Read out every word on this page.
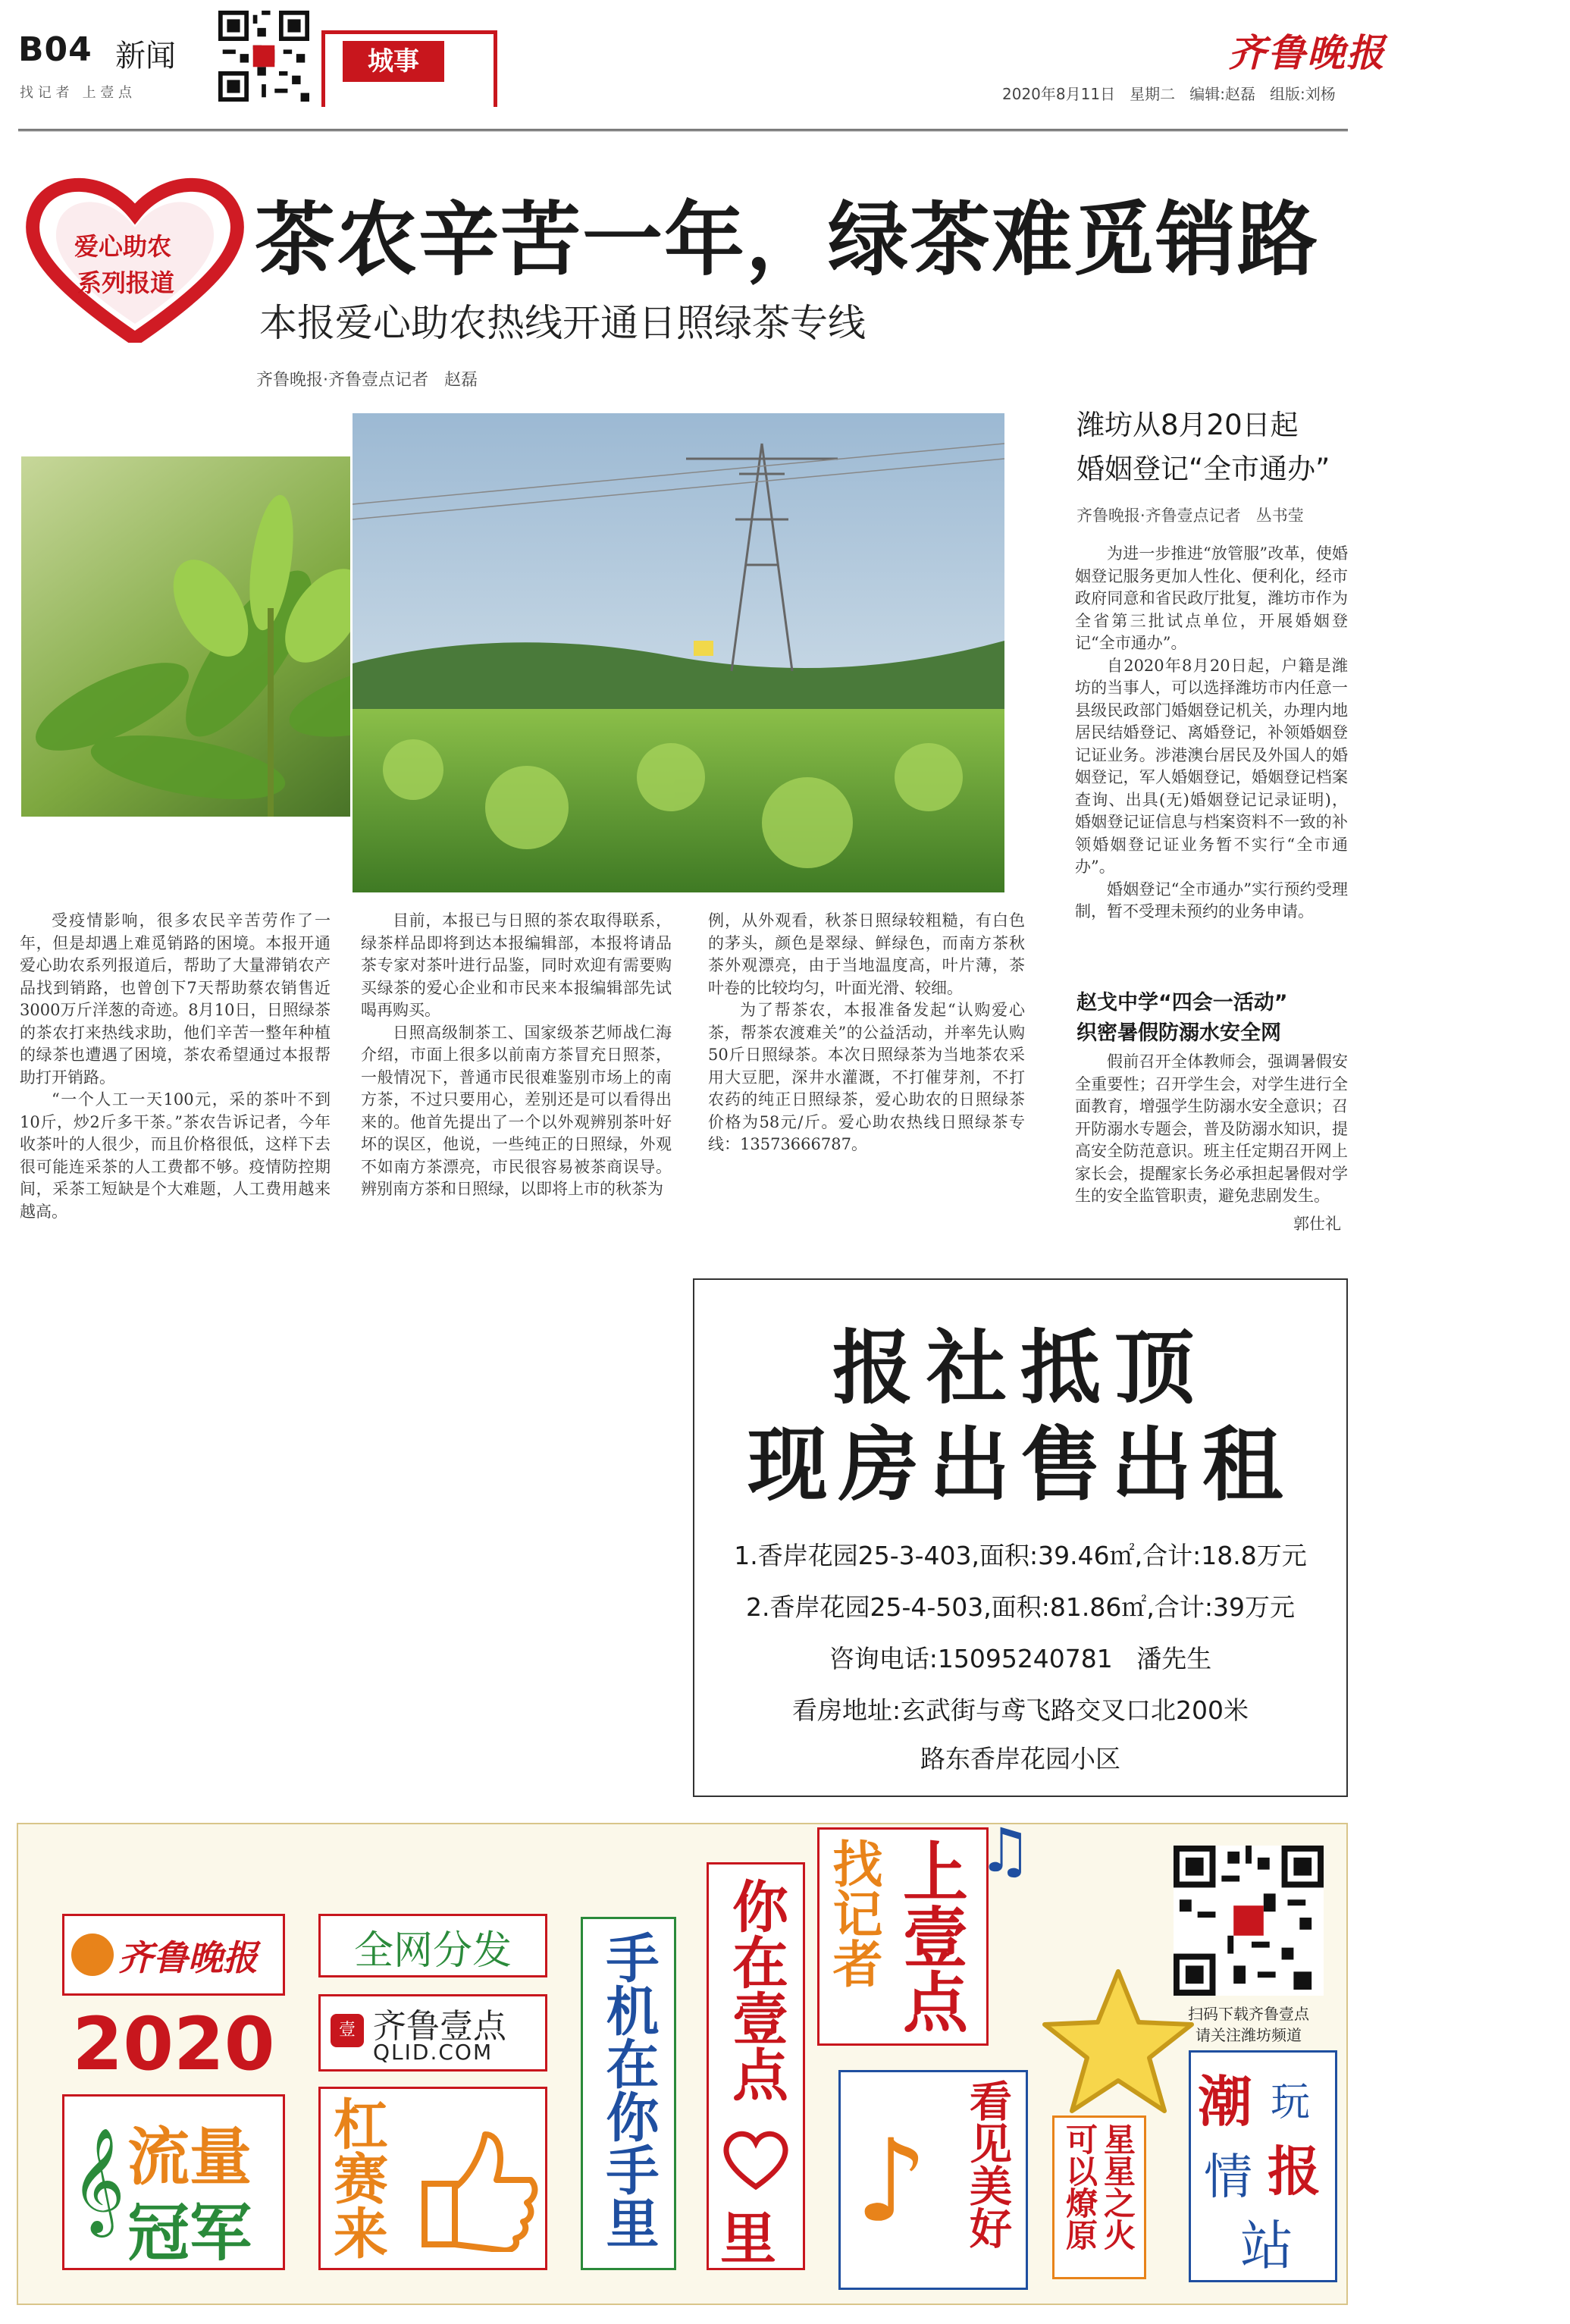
B04 新闻
找 记 者   上 壹 点
城事	齐鲁晚报
2020年8月11日   星期二   编辑:赵磊   组版:刘杨
爱心助农
系列报道 茶农辛苦一年，绿茶难觅销路
本报爱心助农热线开通日照绿茶专线
齐鲁晚报·齐鲁壹点记者   赵磊

受疫情影响，很多农民辛苦劳作了一年，但是却遇上难觅销路的困境。本报开通爱心助农系列报道后，帮助了大量滞销农产品找到销路，也曾创下7天帮助蔡农销售近3000万斤洋葱的奇迹。8月10日，日照绿茶的茶农打来热线求助，他们辛苦一整年种植的绿茶也遭遇了困境，茶农希望通过本报帮助打开销路。

“一个人工一天100元，采的茶叶不到10斤，炒2斤多干茶。”茶农告诉记者，今年收茶叶的人很少，而且价格很低，这样下去很可能连采茶的人工费都不够。疫情防控期间，采茶工短缺是个大难题，人工费用越来越高。

目前，本报已与日照的茶农取得联系，绿茶样品即将到达本报编辑部，本报将请品茶专家对茶叶进行品鉴，同时欢迎有需要购买绿茶的爱心企业和市民来本报编辑部先试喝再购买。

日照高级制茶工、国家级茶艺师战仁海介绍，市面上很多以前南方茶冒充日照茶，一般情况下，普通市民很难鉴别市场上的南方茶，不过只要用心，差别还是可以看得出来的。他首先提出了一个以外观辨别茶叶好坏的误区，他说，一些纯正的日照绿，外观不如南方茶漂亮，市民很容易被茶商误导。辨别南方茶和日照绿，以即将上市的秋茶为

例，从外观看，秋茶日照绿较粗糙，有白色的茅头，颜色是翠绿、鲜绿色，而南方茶秋茶外观漂亮，由于当地温度高，叶片薄，茶叶卷的比较均匀，叶面光滑、较细。

为了帮茶农，本报准备发起“认购爱心茶，帮茶农渡难关”的公益活动，并率先认购50斤日照绿茶。本次日照绿茶为当地茶农采用大豆肥，深井水灌溉，不打催芽剂，不打农药的纯正日照绿茶，爱心助农的日照绿茶价格为58元/斤。爱心助农热线日照绿茶专线：13573666787。

潍坊从8月20日起
婚姻登记“全市通办”
齐鲁晚报·齐鲁壹点记者   丛书莹

为进一步推进“放管服”改革，使婚姻登记服务更加人性化、便利化，经市政府同意和省民政厅批复，潍坊市作为全省第三批试点单位，开展婚姻登记“全市通办”。

自2020年8月20日起，户籍是潍坊的当事人，可以选择潍坊市内任意一县级民政部门婚姻登记机关，办理内地居民结婚登记、离婚登记，补领婚姻登记证业务。涉港澳台居民及外国人的婚姻登记，军人婚姻登记，婚姻登记档案查询、出具(无)婚姻登记记录证明)，婚姻登记证信息与档案资料不一致的补领婚姻登记证业务暂不实行“全市通办”。

婚姻登记“全市通办”实行预约受理制，暂不受理未预约的业务申请。

赵戈中学“四会一活动”
织密暑假防溺水安全网

假前召开全体教师会，强调暑假安全重要性；召开学生会，对学生进行全面教育，增强学生防溺水安全意识；召开防溺水专题会，普及防溺水知识，提高安全防范意识。班主任定期召开网上家长会，提醒家长务必承担起暑假对学生的安全监管职责，避免悲剧发生。

郭仕礼
报社抵顶
现房出售出租
1.香岸花园25-3-403,面积:39.46㎡,合计:18.8万元
2.香岸花园25-4-503,面积:81.86㎡,合计:39万元
咨询电话:15095240781   潘先生
看房地址:玄武街与鸢飞路交叉口北200米
路东香岸花园小区
齐鲁晚报
2020
𝄞 流量
冠军
全网分发
壹 齐鲁壹点
QLID.COM
杠赛来	手机在你手里 你在壹点
里
找记者 上壹点 ♫
♪ 看见美好 可以燎原 星星之火
扫码下载齐鲁壹点
请关注潍坊频道
潮 玩
情 报
站
